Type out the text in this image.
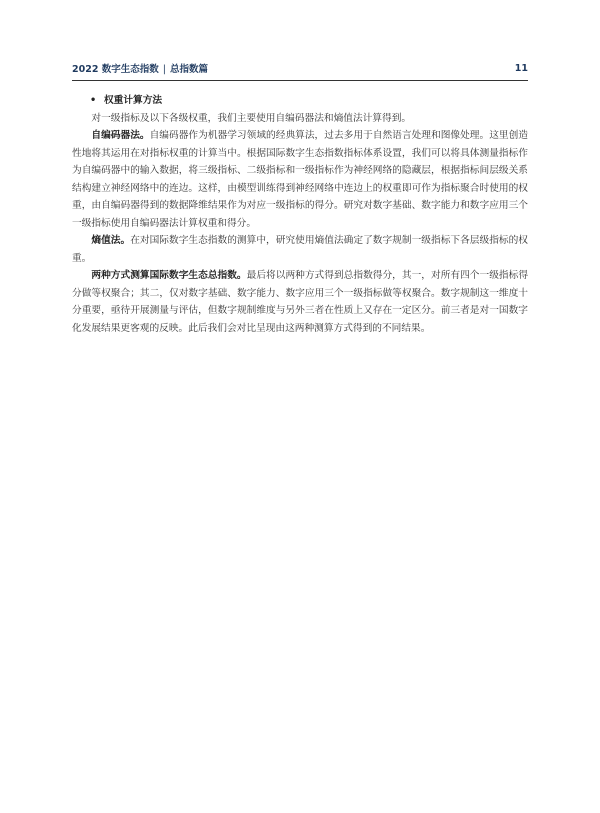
2022 数字生态指数 | 总指数篇	11
• 权重计算方法

对一级指标及以下各级权重，我们主要使用自编码器法和熵值法计算得到。

自编码器法。自编码器作为机器学习领域的经典算法，过去多用于自然语言处理和图像处理。这里创造性地将其运用在对指标权重的计算当中。根据国际数字生态指数指标体系设置，我们可以将具体测量指标作为自编码器中的输入数据，将三级指标、二级指标和一级指标作为神经网络的隐藏层，根据指标间层级关系结构建立神经网络中的连边。这样，由模型训练得到神经网络中连边上的权重即可作为指标聚合时使用的权重，由自编码器得到的数据降维结果作为对应一级指标的得分。研究对数字基础、数字能力和数字应用三个一级指标使用自编码器法计算权重和得分。

熵值法。在对国际数字生态指数的测算中，研究使用熵值法确定了数字规制一级指标下各层级指标的权重。

两种方式测算国际数字生态总指数。最后将以两种方式得到总指数得分，其一，对所有四个一级指标得分做等权聚合；其二，仅对数字基础、数字能力、数字应用三个一级指标做等权聚合。数字规制这一维度十分重要，亟待开展测量与评估，但数字规制维度与另外三者在性质上又存在一定区分。前三者是对一国数字化发展结果更客观的反映。此后我们会对比呈现由这两种测算方式得到的不同结果。
